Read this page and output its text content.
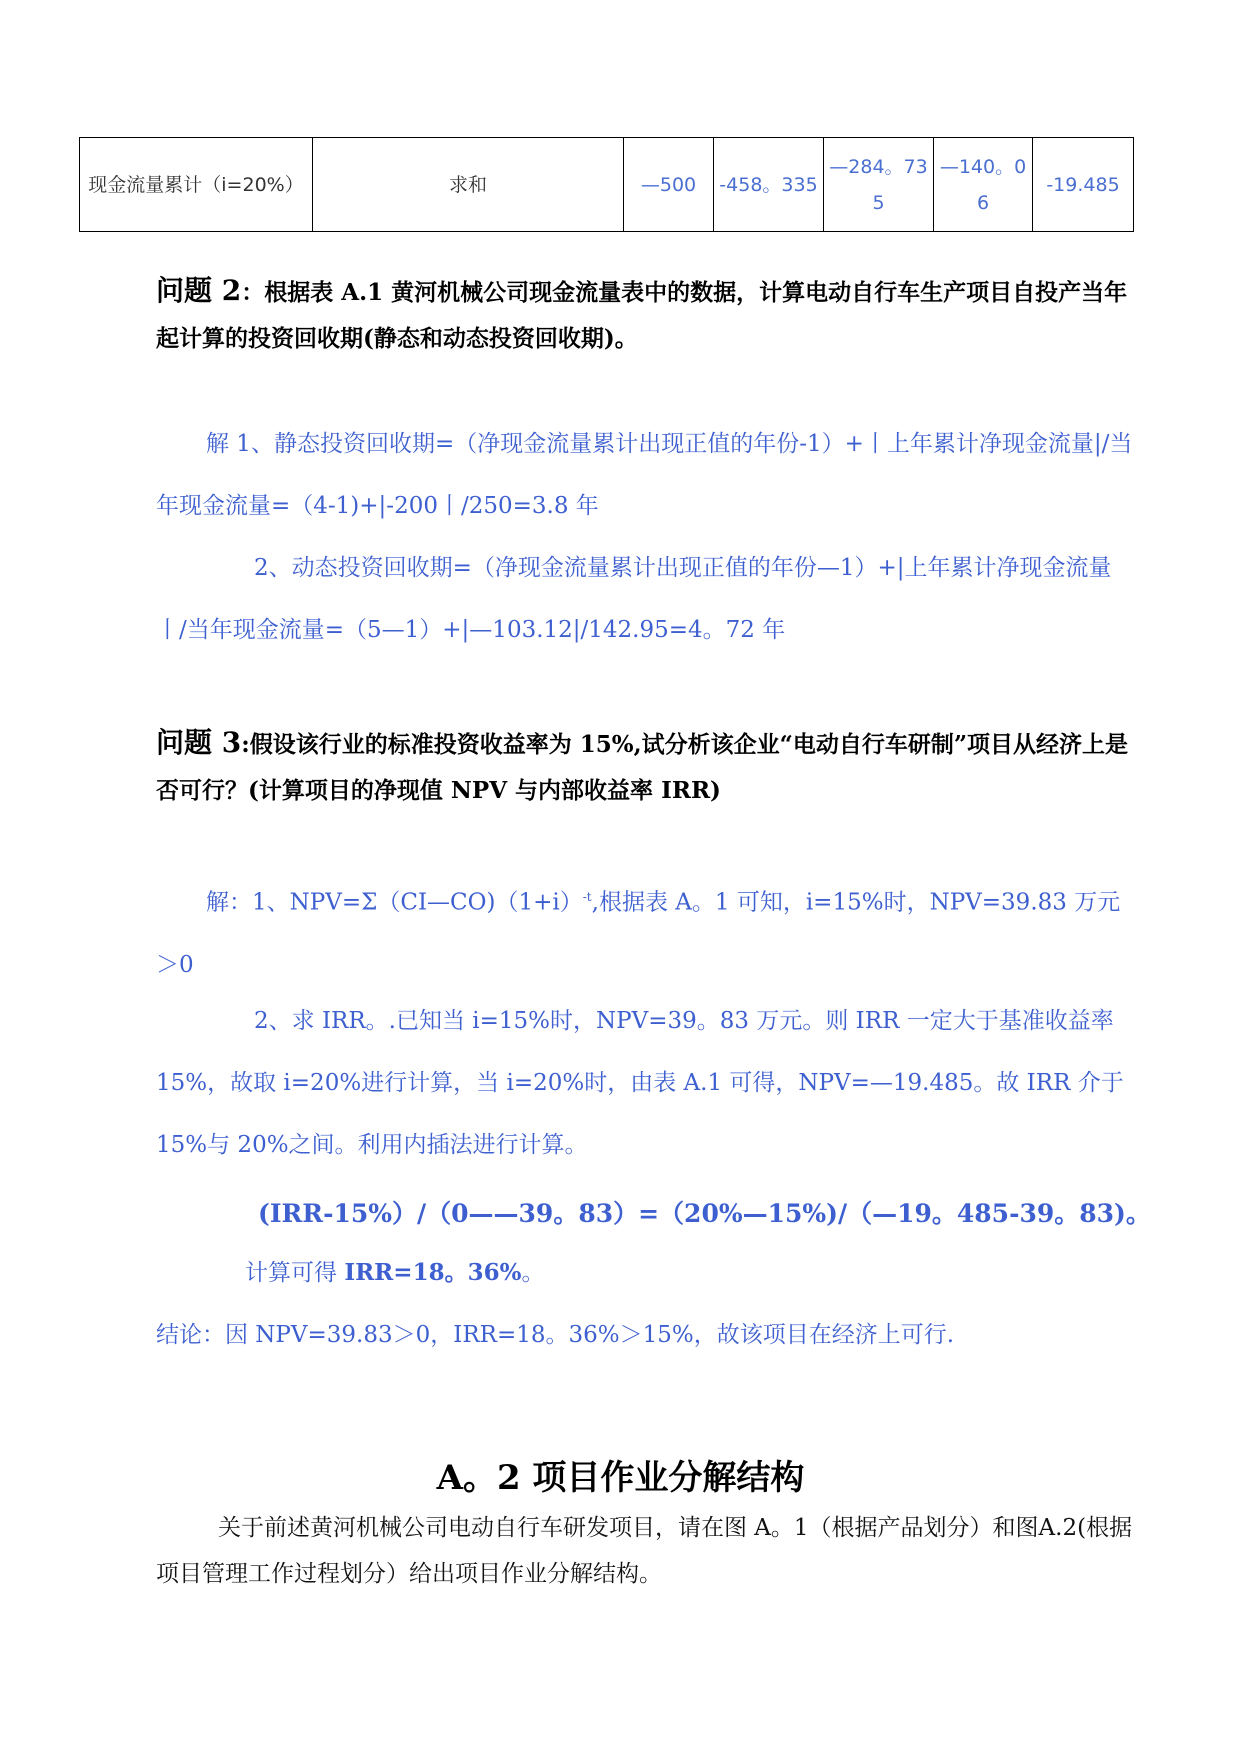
现金流量累计（i=20%）	求和	—500	-458。335	—284。735	—140。06	-19.485
问题 2：根据表 A.1 黄河机械公司现金流量表中的数据，计算电动自行车生产项目自投产当年起计算的投资回收期(静态和动态投资回收期)。
解 1、静态投资回收期=（净现金流量累计出现正值的年份-1）+丨上年累计净现金流量|/当年现金流量=（4-1)+|-200丨/250=3.8 年
2、动态投资回收期=（净现金流量累计出现正值的年份—1）+|上年累计净现金流量丨/当年现金流量=（5—1）+|—103.12|/142.95=4。72 年
问题 3:假设该行业的标准投资收益率为 15%,试分析该企业“电动自行车研制”项目从经济上是否可行？(计算项目的净现值 NPV 与内部收益率 IRR)
解：1、$NPV=\Sigma(CI—CO)(1+i)^{-t}$,根据表 A。1 可知，i=15%时，NPV=39.83 万元＞0
2、求 IRR。.已知当 i=15%时，NPV=39。83 万元。则 IRR 一定大于基准收益率 15%，故取 i=20%进行计算，当 i=20%时，由表 A.1 可得，NPV=—19.485。故 IRR 介于 15%与 20%之间。利用内插法进行计算。
(IRR-15%）/（0——39。83）=（20%—15%)/（—19。485-39。83)。
计算可得 IRR=18。36%。
结论：因 NPV=39.83＞0，IRR=18。36%＞15%，故该项目在经济上可行.
A。2 项目作业分解结构
关于前述黄河机械公司电动自行车研发项目，请在图 A。1（根据产品划分）和图A.2(根据项目管理工作过程划分）给出项目作业分解结构。
